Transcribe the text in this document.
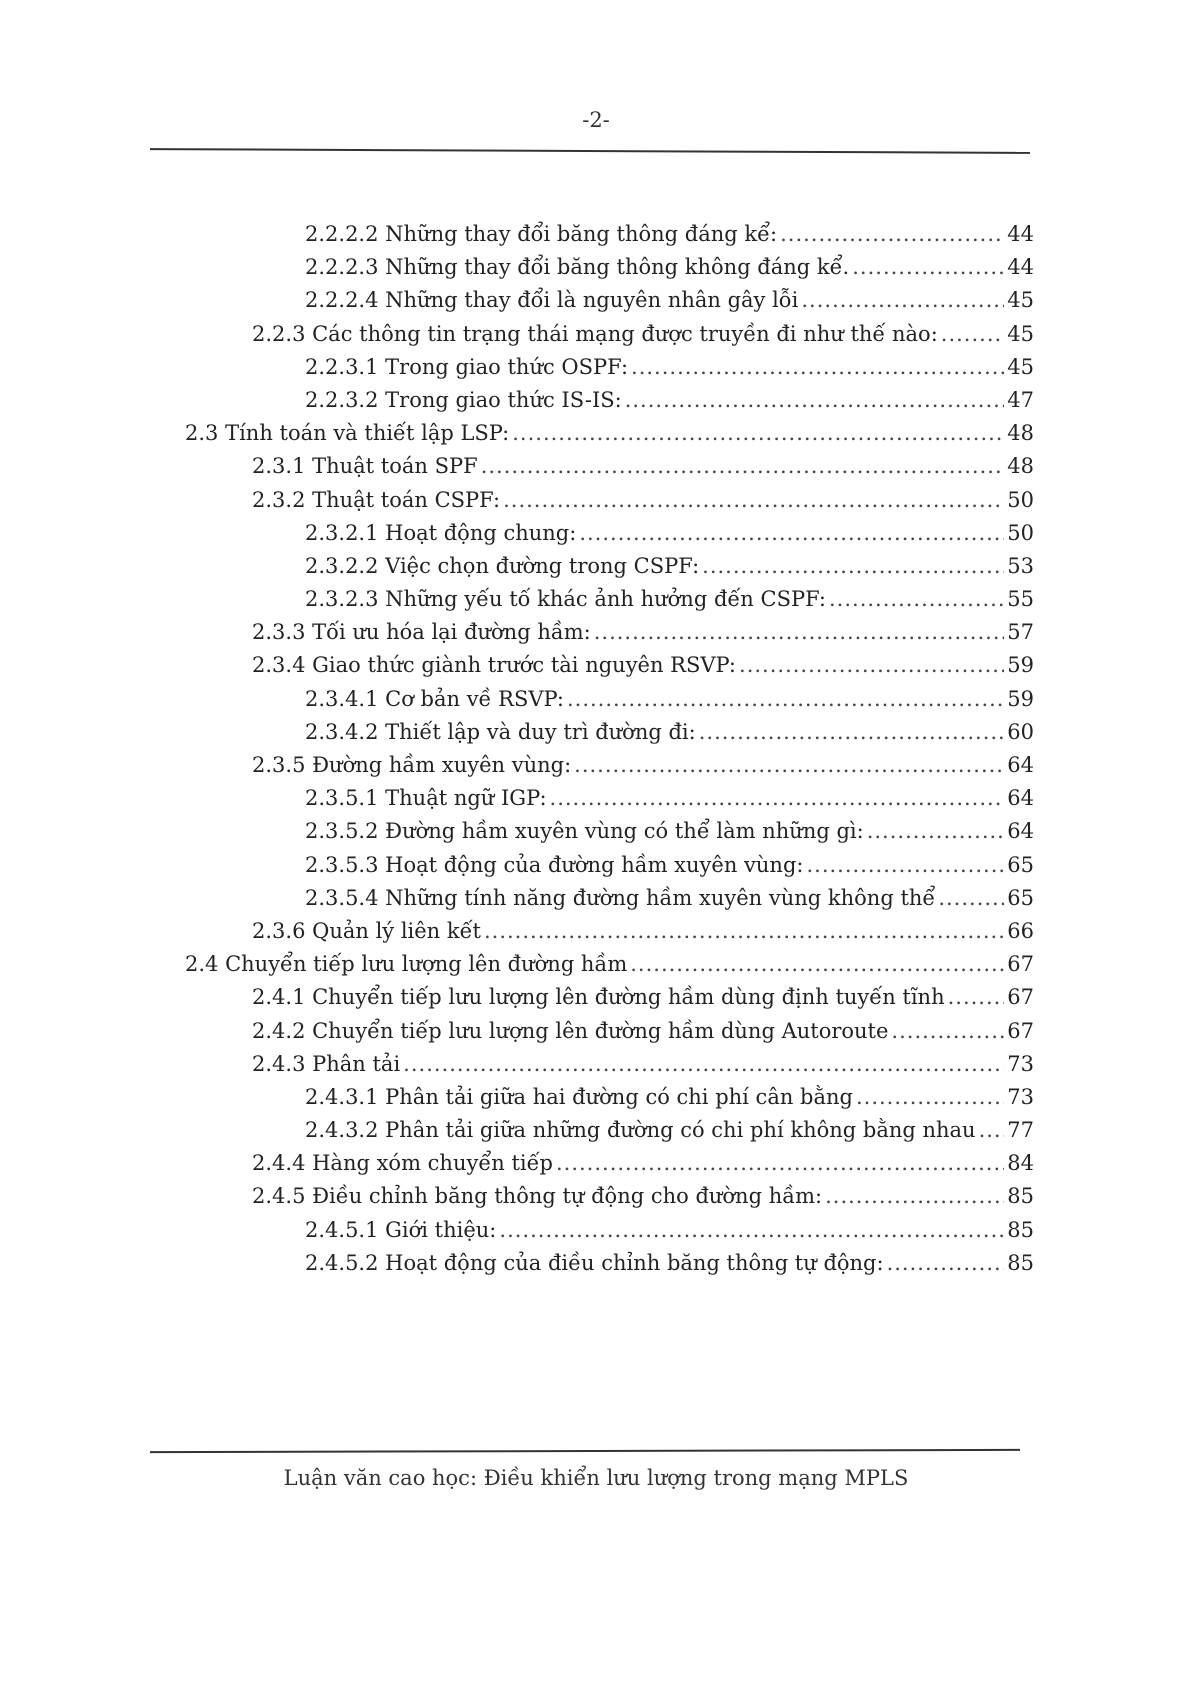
-2-
2.2.2.2 Những thay đổi băng thông đáng kể: .....	44
2.2.2.3 Những thay đổi băng thông không đáng kể. .....	44
2.2.2.4 Những thay đổi là nguyên nhân gây lỗi .....	45
2.2.3 Các thông tin trạng thái mạng được truyền đi như thế nào: .....	45
2.2.3.1 Trong giao thức OSPF: .....	45
2.2.3.2 Trong giao thức IS-IS: .....	47
2.3 Tính toán và thiết lập LSP: .....	48
2.3.1 Thuật toán SPF .....	48
2.3.2 Thuật toán CSPF: .....	50
2.3.2.1 Hoạt động chung: .....	50
2.3.2.2 Việc chọn đường trong CSPF: .....	53
2.3.2.3 Những yếu tố khác ảnh hưởng đến CSPF: .....	55
2.3.3 Tối ưu hóa lại đường hầm: .....	57
2.3.4 Giao thức giành trước tài nguyên RSVP: .....	59
2.3.4.1 Cơ bản về RSVP: .....	59
2.3.4.2 Thiết lập và duy trì đường đi: .....	60
2.3.5 Đường hầm xuyên vùng: .....	64
2.3.5.1 Thuật ngữ IGP: .....	64
2.3.5.2 Đường hầm xuyên vùng có thể làm những gì: .....	64
2.3.5.3 Hoạt động của đường hầm xuyên vùng: .....	65
2.3.5.4 Những tính năng đường hầm xuyên vùng không thể .....	65
2.3.6 Quản lý liên kết .....	66
2.4 Chuyển tiếp lưu lượng lên đường hầm .....	67
2.4.1 Chuyển tiếp lưu lượng lên đường hầm dùng định tuyến tĩnh .....	67
2.4.2 Chuyển tiếp lưu lượng lên đường hầm dùng Autoroute .....	67
2.4.3 Phân tải .....	73
2.4.3.1 Phân tải giữa hai đường có chi phí cân bằng .....	73
2.4.3.2 Phân tải giữa những đường có chi phí không bằng nhau ..... 77
2.4.4 Hàng xóm chuyển tiếp .....	84
2.4.5 Điều chỉnh băng thông tự động cho đường hầm: .....	85
2.4.5.1 Giới thiệu: .....	85
2.4.5.2 Hoạt động của điều chỉnh băng thông tự động: .....	85
Luận văn cao học: Điều khiển lưu lượng trong mạng MPLS
